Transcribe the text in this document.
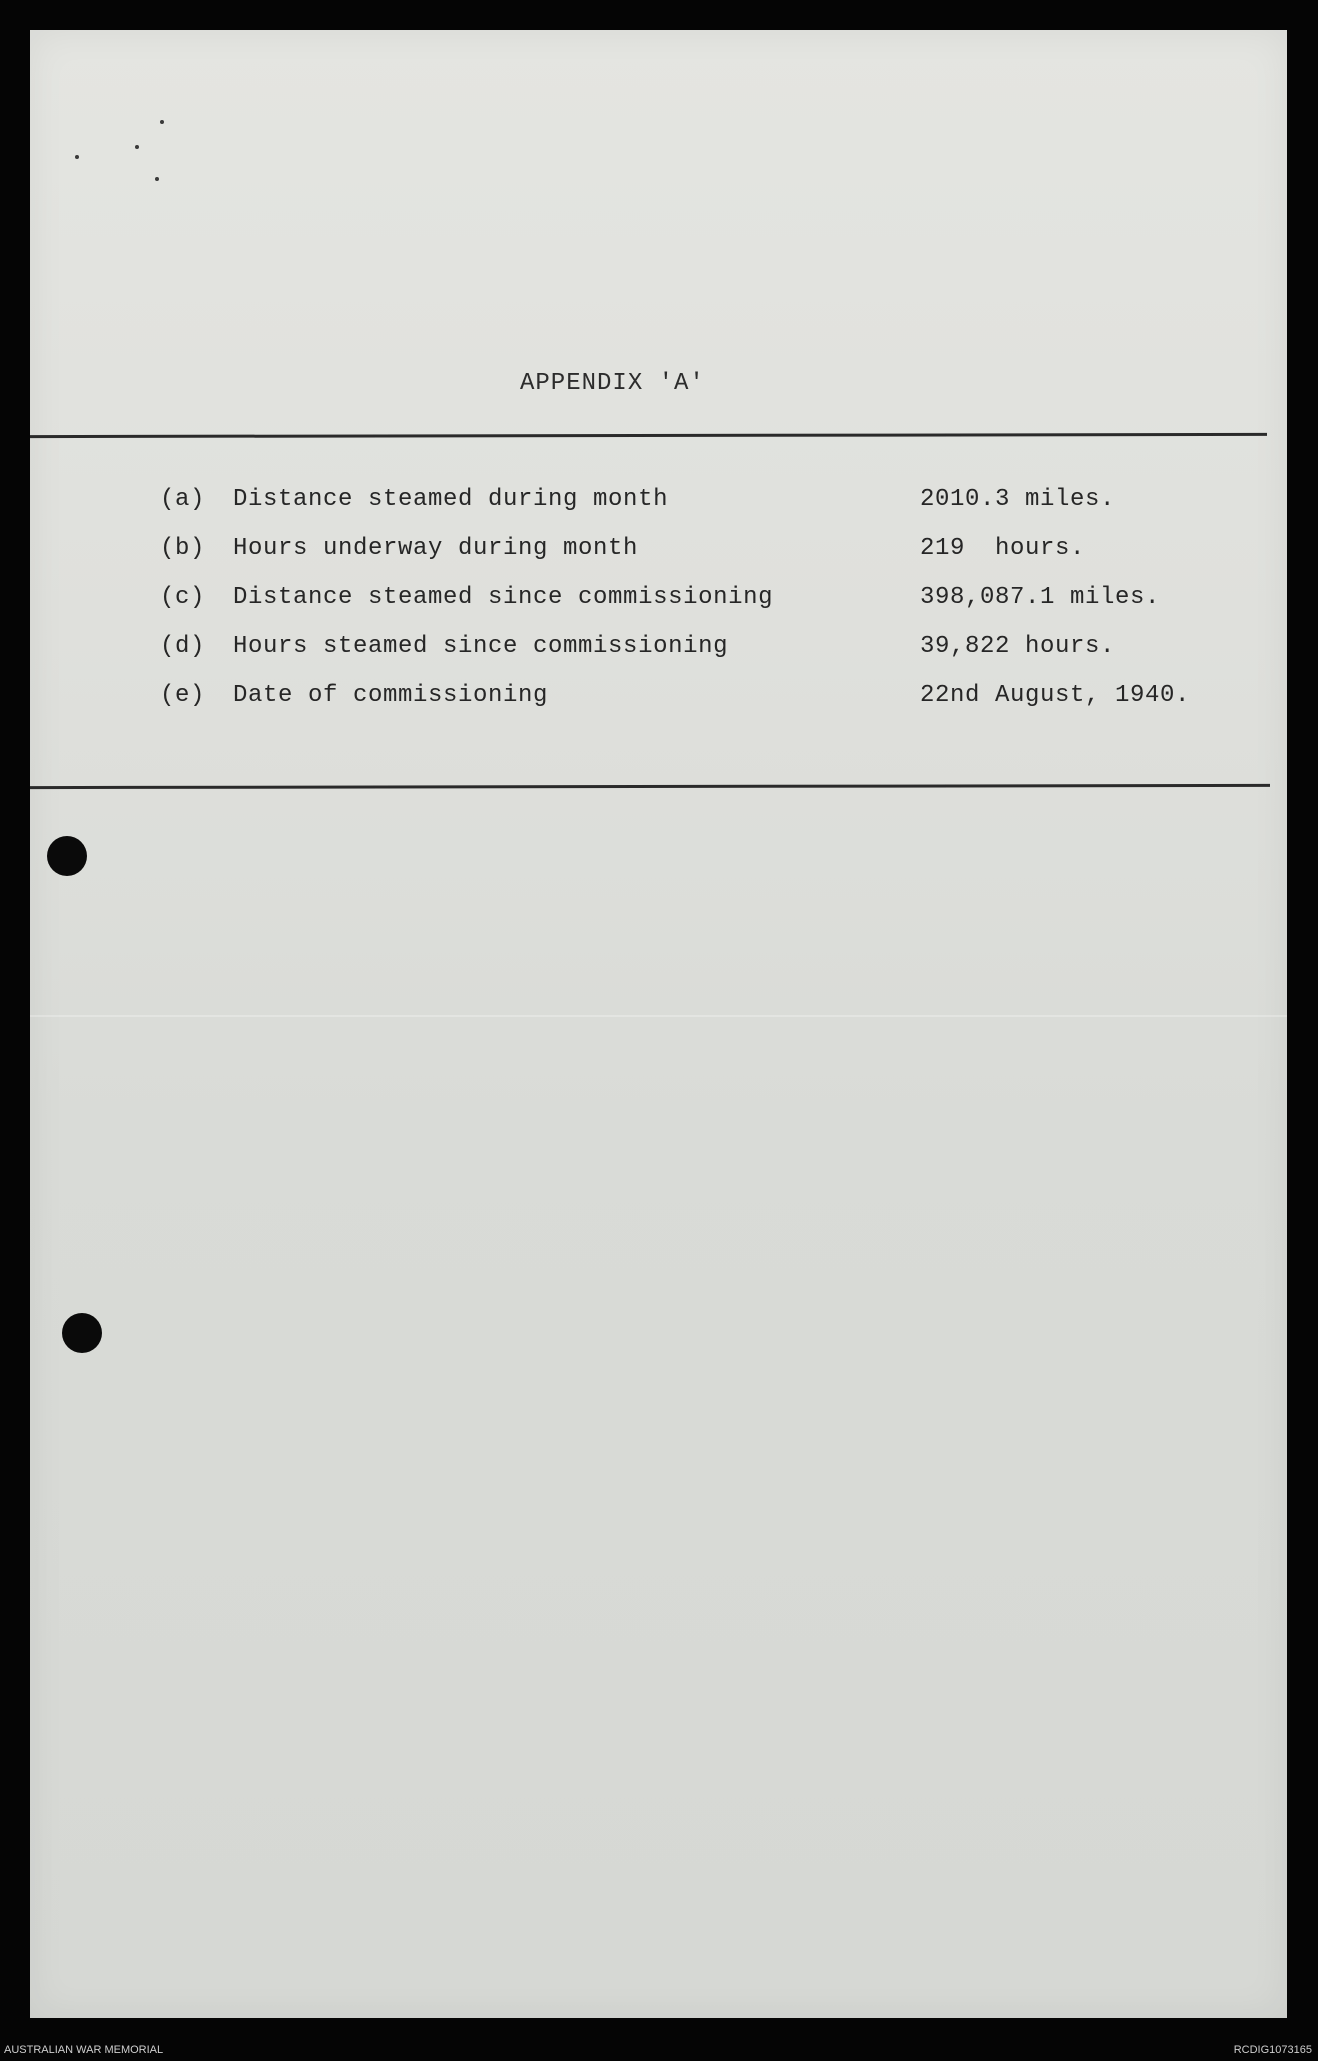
APPENDIX 'A'
(a) Distance steamed during month	2010.3 miles.
(b) Hours underway during month	219  hours.
(c) Distance steamed since commissioning	398,087.1 miles.
(d) Hours steamed since commissioning	39,822 hours.
(e) Date of commissioning	22nd August, 1940.
AUSTRALIAN WAR MEMORIAL	RCDIG1073165
